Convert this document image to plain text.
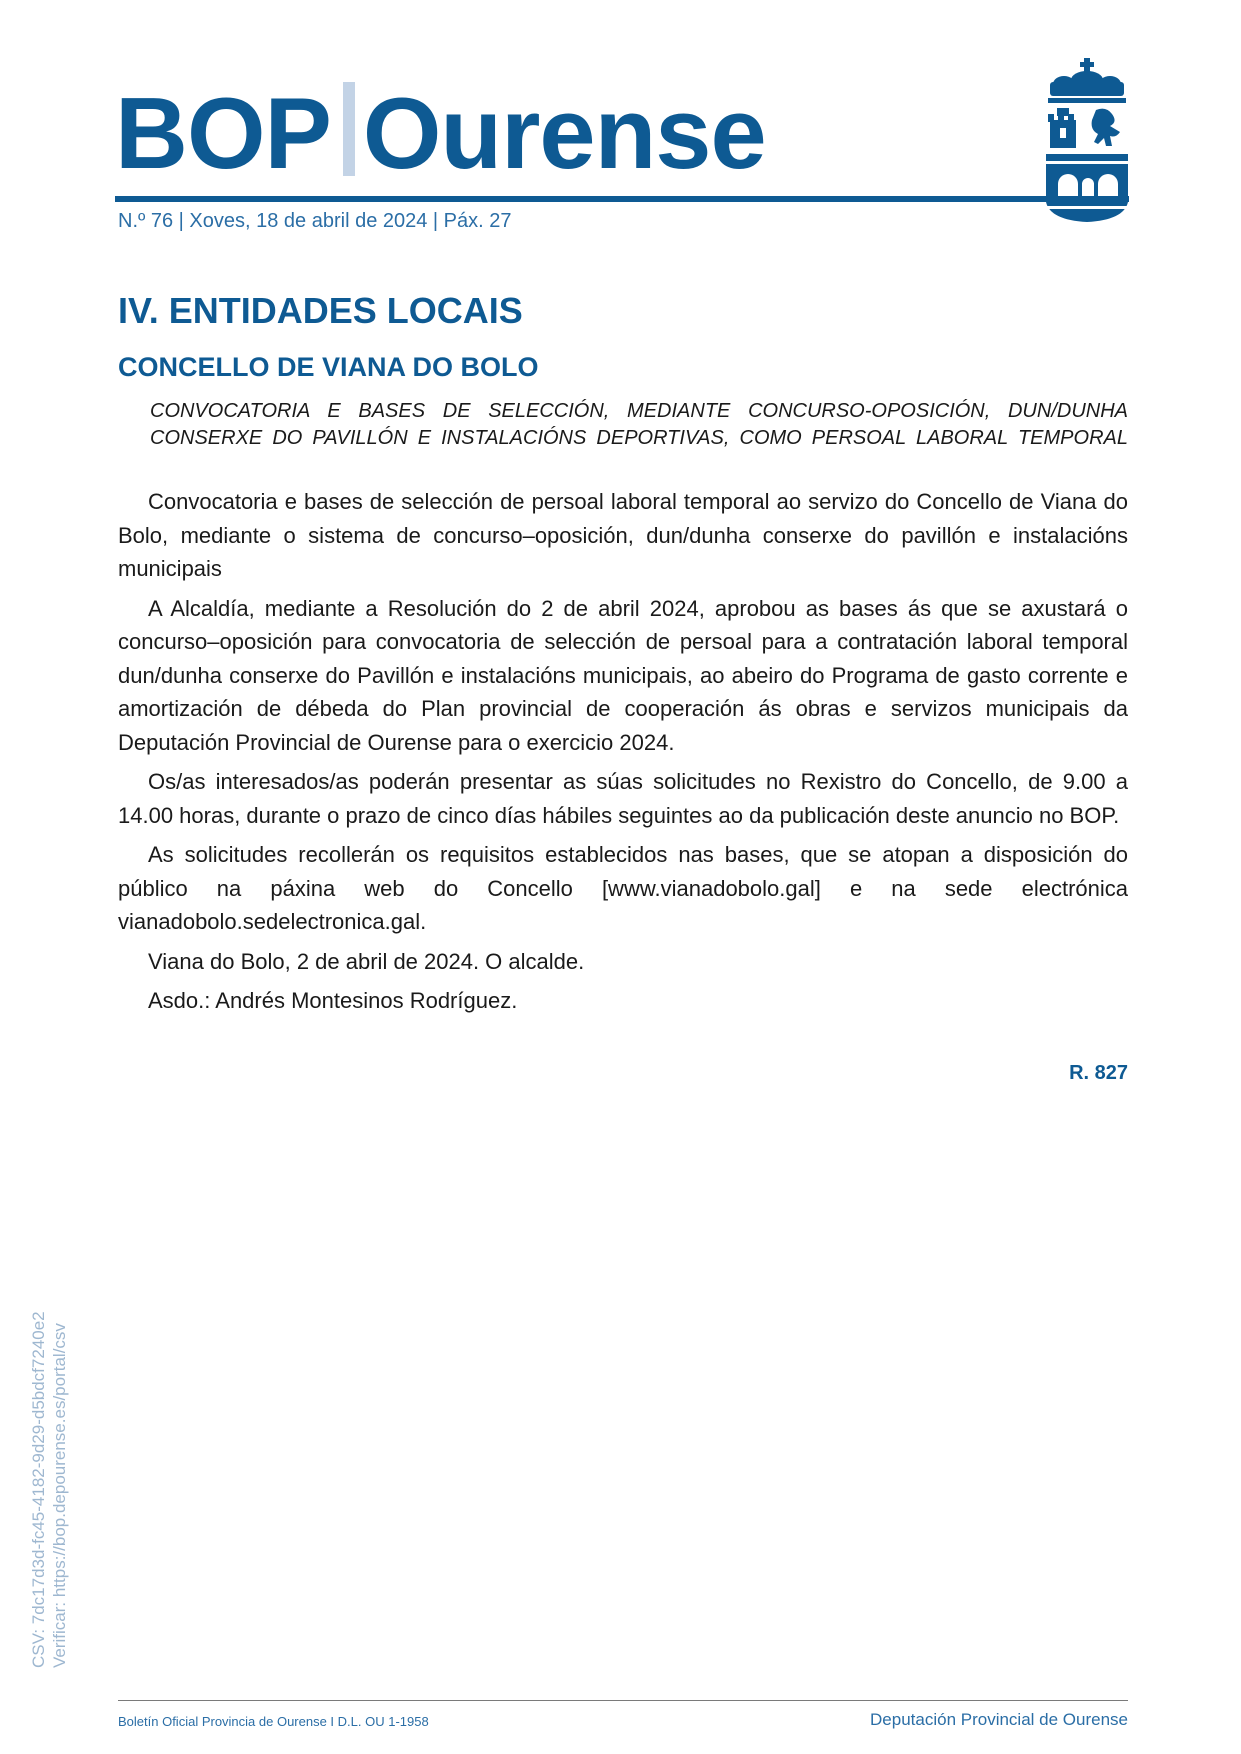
BOP Ourense
N.º 76 | Xoves, 18 de abril de 2024 | Páx. 27
IV. ENTIDADES LOCAIS
CONCELLO DE VIANA DO BOLO
CONVOCATORIA E BASES DE SELECCIÓN, MEDIANTE CONCURSO-OPOSICIÓN, DUN/DUNHA
CONSERXE DO PAVILLÓN E INSTALACIÓNS DEPORTIVAS, COMO PERSOAL LABORAL TEMPORAL

Convocatoria e bases de selección de persoal laboral temporal ao servizo do Concello de Viana do Bolo, mediante o sistema de concurso–oposición, dun/dunha conserxe do pavillón e instalacións municipais

A Alcaldía, mediante a Resolución do 2 de abril 2024, aprobou as bases ás que se axustará o concurso–oposición para convocatoria de selección de persoal para a contratación laboral temporal dun/dunha conserxe do Pavillón e instalacións municipais, ao abeiro do Programa de gasto corrente e amortización de débeda do Plan provincial de cooperación ás obras e servizos municipais da Deputación Provincial de Ourense para o exercicio 2024.

Os/as interesados/as poderán presentar as súas solicitudes no Rexistro do Concello, de 9.00 a 14.00 horas, durante o prazo de cinco días hábiles seguintes ao da publicación deste anuncio no BOP.

As solicitudes recollerán os requisitos establecidos nas bases, que se atopan a disposición do público na páxina web do Concello [www.vianadobolo.gal] e na sede electrónica vianadobolo.sedelectronica.gal.

Viana do Bolo, 2 de abril de 2024. O alcalde.

Asdo.: Andrés Montesinos Rodríguez.

R. 827
CSV: 7dc17d3d-fc45-4182-9d29-d5bdcf7240e2 Verificar: https://bop.depourense.es/portal/csv
Boletín Oficial Provincia de Ourense I D.L. OU 1-1958	Deputación Provincial de Ourense
